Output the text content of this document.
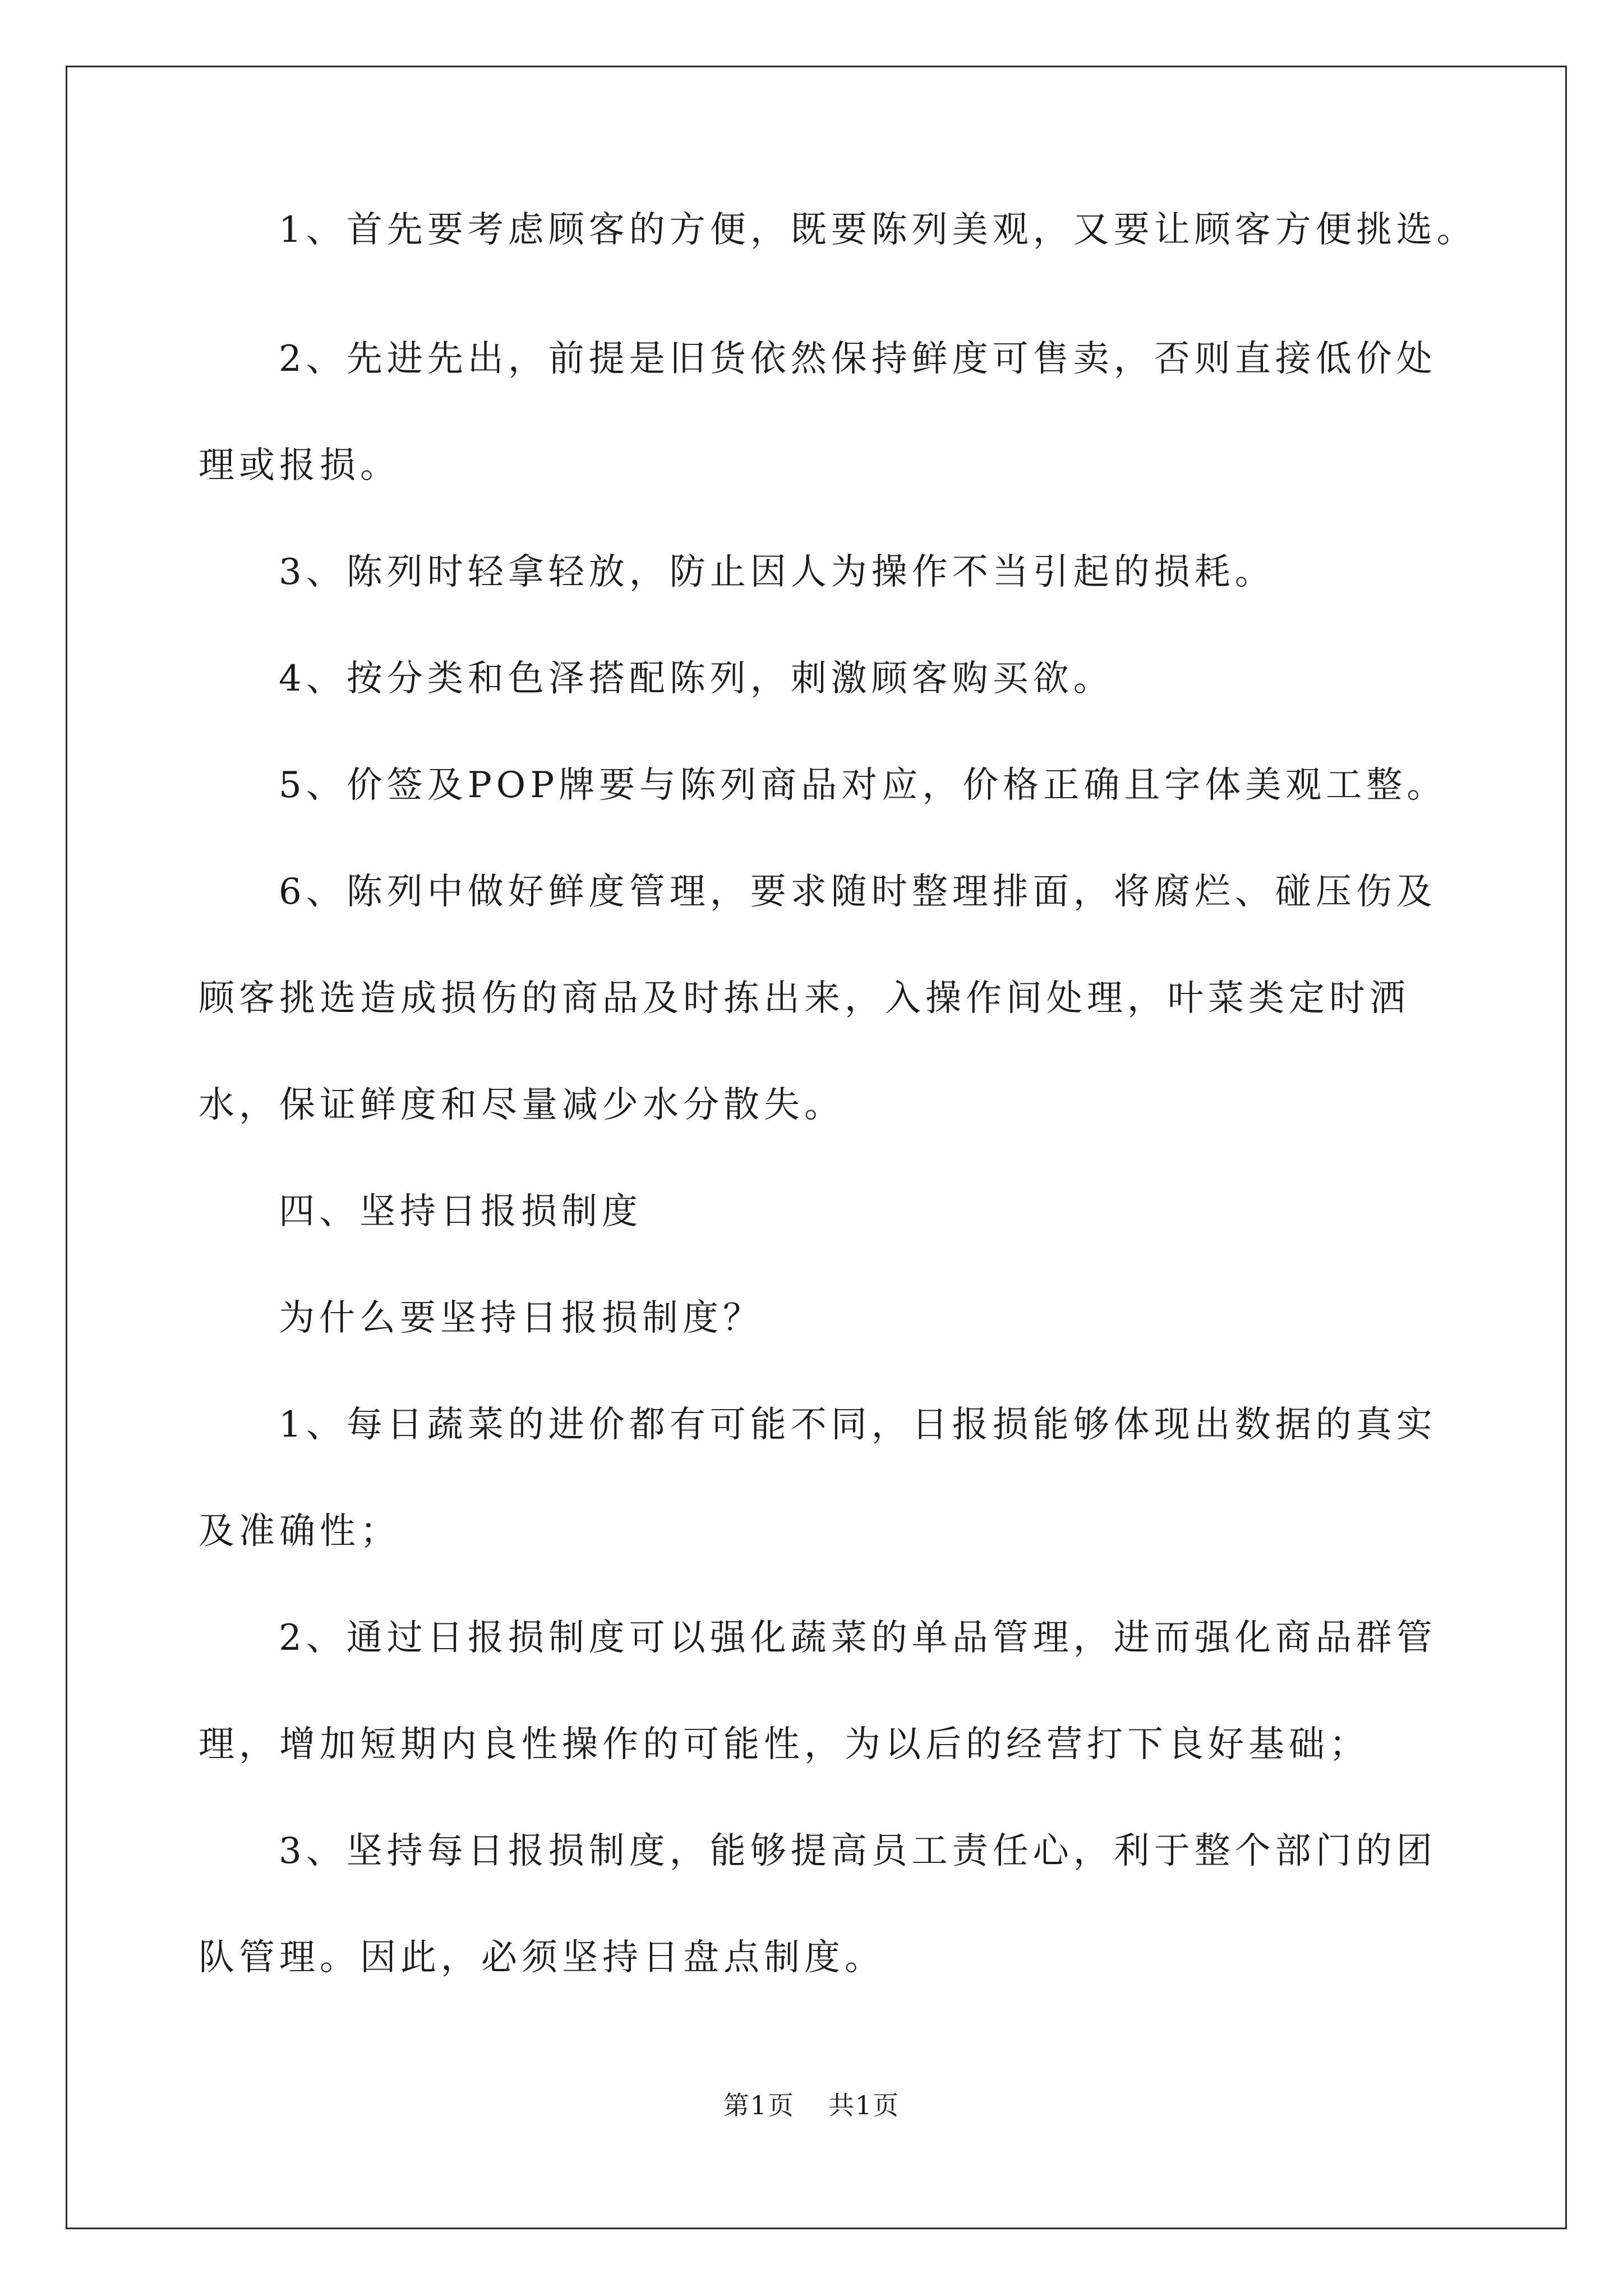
1、首先要考虑顾客的方便，既要陈列美观，又要让顾客方便挑选。
2、先进先出，前提是旧货依然保持鲜度可售卖，否则直接低价处
理或报损。
3、陈列时轻拿轻放，防止因人为操作不当引起的损耗。
4、按分类和色泽搭配陈列，刺激顾客购买欲。
5、价签及POP牌要与陈列商品对应，价格正确且字体美观工整。
6、陈列中做好鲜度管理，要求随时整理排面，将腐烂、碰压伤及
顾客挑选造成损伤的商品及时拣出来，入操作间处理，叶菜类定时洒
水，保证鲜度和尽量减少水分散失。
四、坚持日报损制度
为什么要坚持日报损制度？
1、每日蔬菜的进价都有可能不同，日报损能够体现出数据的真实
及准确性；
2、通过日报损制度可以强化蔬菜的单品管理，进而强化商品群管
理，增加短期内良性操作的可能性，为以后的经营打下良好基础；
3、坚持每日报损制度，能够提高员工责任心，利于整个部门的团
队管理。因此，必须坚持日盘点制度。
第1页 共1页
